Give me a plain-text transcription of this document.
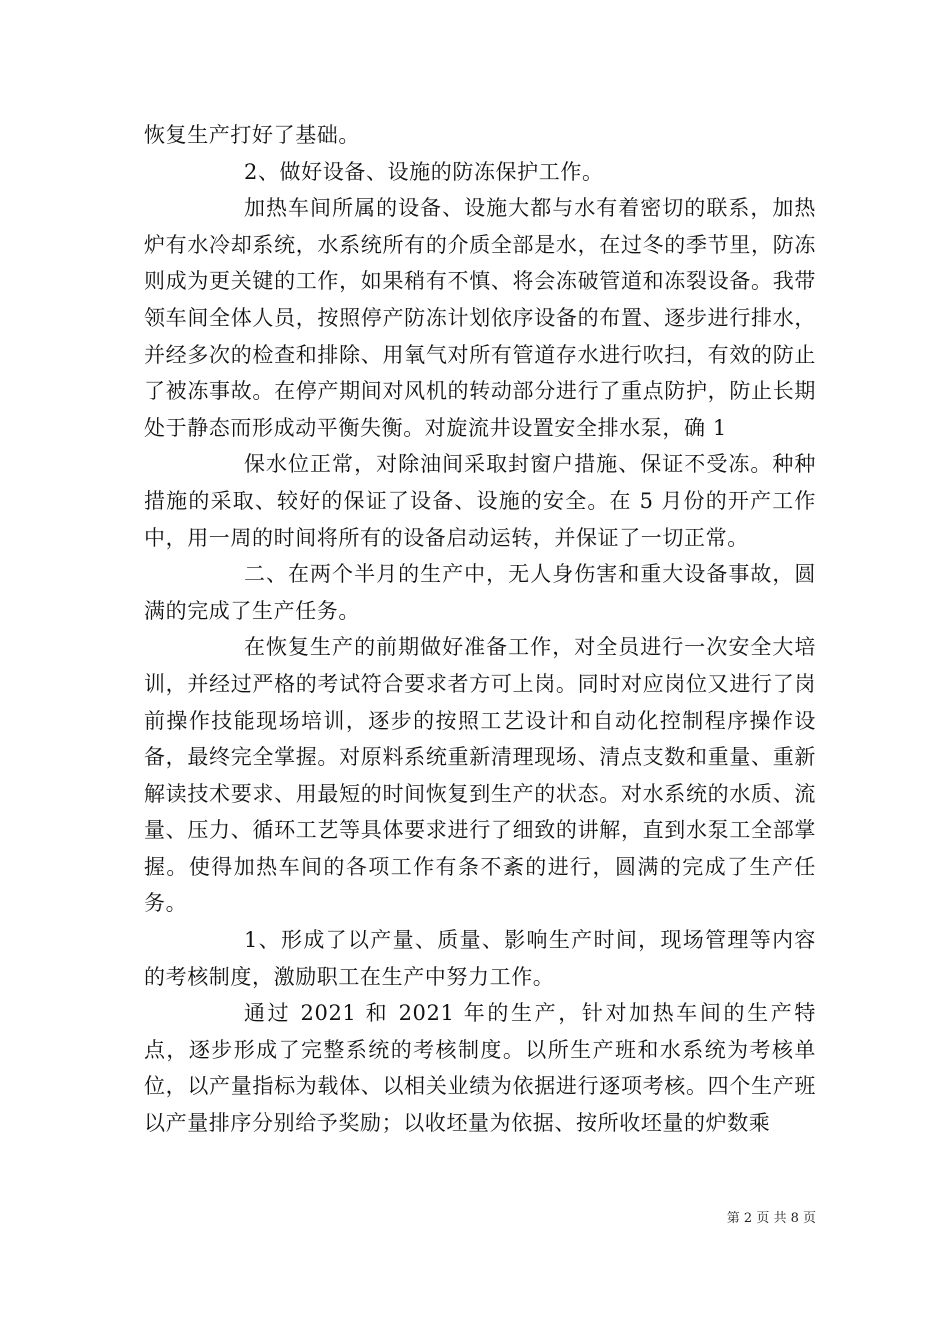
恢复生产打好了基础。

2、做好设备、设施的防冻保护工作。

加热车间所属的设备、设施大都与水有着密切的联系，加热炉有水冷却系统，水系统所有的介质全部是水，在过冬的季节里，防冻则成为更关键的工作，如果稍有不慎、将会冻破管道和冻裂设备。我带领车间全体人员，按照停产防冻计划依序设备的布置、逐步进行排水，并经多次的检查和排除、用氧气对所有管道存水进行吹扫，有效的防止了被冻事故。在停产期间对风机的转动部分进行了重点防护，防止长期处于静态而形成动平衡失衡。对旋流井设置安全排水泵，确 1

保水位正常，对除油间采取封窗户措施、保证不受冻。种种措施的采取、较好的保证了设备、设施的安全。在 5 月份的开产工作中，用一周的时间将所有的设备启动运转，并保证了一切正常。

二、在两个半月的生产中，无人身伤害和重大设备事故，圆满的完成了生产任务。

在恢复生产的前期做好准备工作，对全员进行一次安全大培训，并经过严格的考试符合要求者方可上岗。同时对应岗位又进行了岗前操作技能现场培训，逐步的按照工艺设计和自动化控制程序操作设备，最终完全掌握。对原料系统重新清理现场、清点支数和重量、重新解读技术要求、用最短的时间恢复到生产的状态。对水系统的水质、流量、压力、循环工艺等具体要求进行了细致的讲解，直到水泵工全部掌握。使得加热车间的各项工作有条不紊的进行，圆满的完成了生产任务。

1、形成了以产量、质量、影响生产时间，现场管理等内容的考核制度，激励职工在生产中努力工作。

通过 2021 和 2021 年的生产，针对加热车间的生产特点，逐步形成了完整系统的考核制度。以所生产班和水系统为考核单位，以产量指标为载体、以相关业绩为依据进行逐项考核。四个生产班以产量排序分别给予奖励；以收坯量为依据、按所收坯量的炉数乘

第 2 页 共 8 页
